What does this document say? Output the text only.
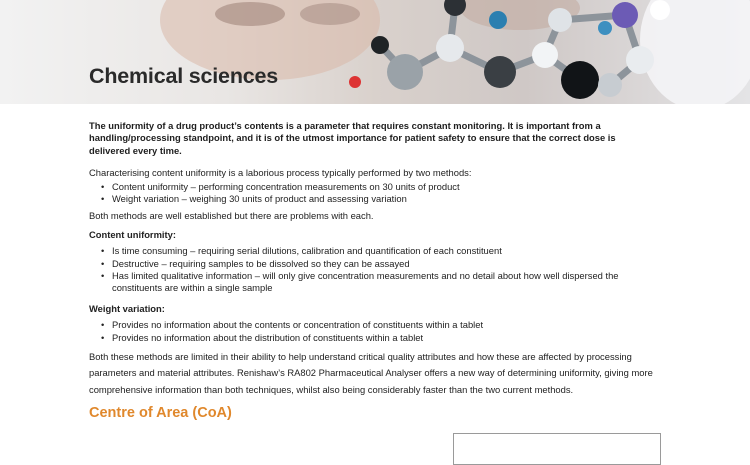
Chemical sciences

The uniformity of a drug product’s contents is a parameter that requires constant monitoring. It is important from a handling/processing standpoint, and it is of the utmost importance for patient safety to ensure that the correct dose is delivered every time.

Characterising content uniformity is a laborious process typically performed by two methods:

• Content uniformity – performing concentration measurements on 30 units of product
• Weight variation – weighing 30 units of product and assessing variation

Both methods are well established but there are problems with each.

Content uniformity:

• Is time consuming – requiring serial dilutions, calibration and quantification of each constituent
• Destructive – requiring samples to be dissolved so they can be assayed
• Has limited qualitative information – will only give concentration measurements and no detail about how well dispersed the constituents are within a single sample

Weight variation:

• Provides no information about the contents or concentration of constituents within a tablet
• Provides no information about the distribution of constituents within a tablet

Both these methods are limited in their ability to help understand critical quality attributes and how these are affected by processing parameters and material attributes. Renishaw’s RA802 Pharmaceutical Analyser offers a new way of determining uniformity, giving more comprehensive information than both techniques, whilst also being considerably faster than the two current methods.

Centre of Area (CoA)
